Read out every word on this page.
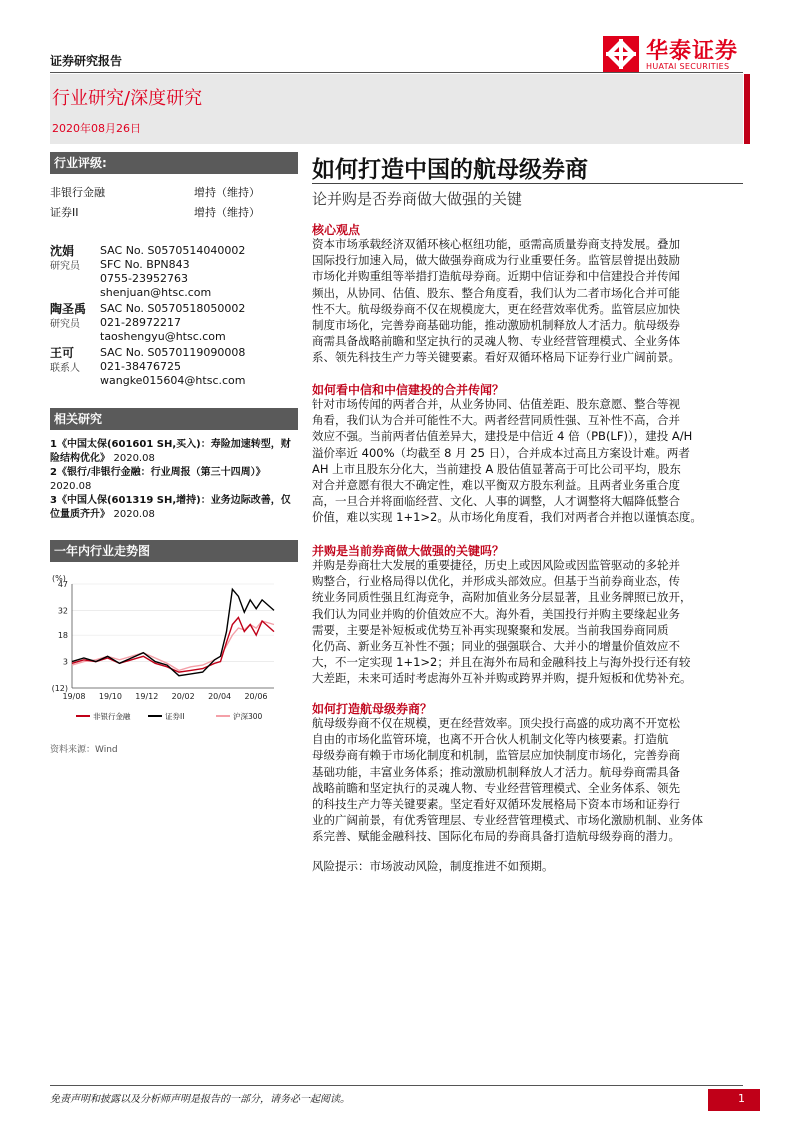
证券研究报告	华泰证券
HUATAI SECURITIES
行业研究/深度研究
2020年08月26日
行业评级:
非银行金融	增持（维持）
证券II	增持（维持）
沈娟
研究员
SAC No. S0570514040002
SFC No. BPN843
0755-23952763
shenjuan@htsc.com
陶圣禹
研究员
SAC No. S0570518050002
021-28972217
taoshengyu@htsc.com
王可
联系人
SAC No. S0570119090008
021-38476725
wangke015604@htsc.com
相关研究
1《中国太保(601601 SH,买入)：寿险加速转型，财险结构优化》 2020.08
2《银行/非银行金融：行业周报（第三十四周）》 2020.08
3《中国人保(601319 SH,增持)：业务边际改善，仅位量质齐升》 2020.08
一年内行业走势图
(%)
47
32
18
3
(12)
19/08 19/10 19/12 20/02 20/04 20/06
非银行金融	证券II	沪深300
资料来源：Wind
如何打造中国的航母级券商
论并购是否券商做大做强的关键
核心观点
资本市场承载经济双循环核心枢纽功能，亟需高质量券商支持发展。叠加
国际投行加速入局，做大做强券商成为行业重要任务。监管层曾提出鼓励
市场化并购重组等举措打造航母券商。近期中信证券和中信建投合并传闻
频出，从协同、估值、股东、整合角度看，我们认为二者市场化合并可能
性不大。航母级券商不仅在规模庞大，更在经营效率优秀。监管层应加快
制度市场化，完善券商基础功能，推动激励机制释放人才活力。航母级券
商需具备战略前瞻和坚定执行的灵魂人物、专业经营管理模式、全业务体
系、领先科技生产力等关键要素。看好双循环格局下证券行业广阔前景。
如何看中信和中信建投的合并传闻？
针对市场传闻的两者合并，从业务协同、估值差距、股东意愿、整合等视
角看，我们认为合并可能性不大。两者经营同质性强、互补性不高，合并
效应不强。当前两者估值差异大，建投是中信近 4 倍（PB(LF)），建投 A/H
溢价率近 400%（均截至 8 月 25 日），合并成本过高且方案设计难。两者
AH 上市且股东分化大，当前建投 A 股估值显著高于可比公司平均，股东
对合并意愿有很大不确定性，难以平衡双方股东利益。且两者业务重合度
高，一旦合并将面临经营、文化、人事的调整，人才调整将大幅降低整合
价值，难以实现 1+1>2。从市场化角度看，我们对两者合并抱以谨慎态度。
并购是当前券商做大做强的关键吗？
并购是券商壮大发展的重要捷径，历史上或因风险或因监管驱动的多轮并
购整合，行业格局得以优化，并形成头部效应。但基于当前券商业态，传
统业务同质性强且红海竞争，高附加值业务分层显著，且业务牌照已放开，
我们认为同业并购的价值效应不大。海外看，美国投行并购主要缘起业务
需要，主要是补短板或优势互补再实现聚聚和发展。当前我国券商同质
化仍高、新业务互补性不强；同业的强强联合、大并小的增量价值效应不
大，不一定实现 1+1>2；并且在海外布局和金融科技上与海外投行还有较
大差距，未来可适时考虑海外互补并购或跨界并购，提升短板和优势补充。
如何打造航母级券商？
航母级券商不仅在规模，更在经营效率。顶尖投行高盛的成功离不开宽松
自由的市场化监管环境，也离不开合伙人机制文化等内核要素。打造航
母级券商有赖于市场化制度和机制，监管层应加快制度市场化，完善券商
基础功能，丰富业务体系；推动激励机制释放人才活力。航母券商需具备
战略前瞻和坚定执行的灵魂人物、专业经营管理模式、全业务体系、领先
的科技生产力等关键要素。坚定看好双循环发展格局下资本市场和证券行
业的广阔前景，有优秀管理层、专业经营管理模式、市场化激励机制、业务体
系完善、赋能金融科技、国际化布局的券商具备打造航母级券商的潜力。
风险提示：市场波动风险，制度推进不如预期。
免责声明和披露以及分析师声明是报告的一部分，请务必一起阅读。	1
